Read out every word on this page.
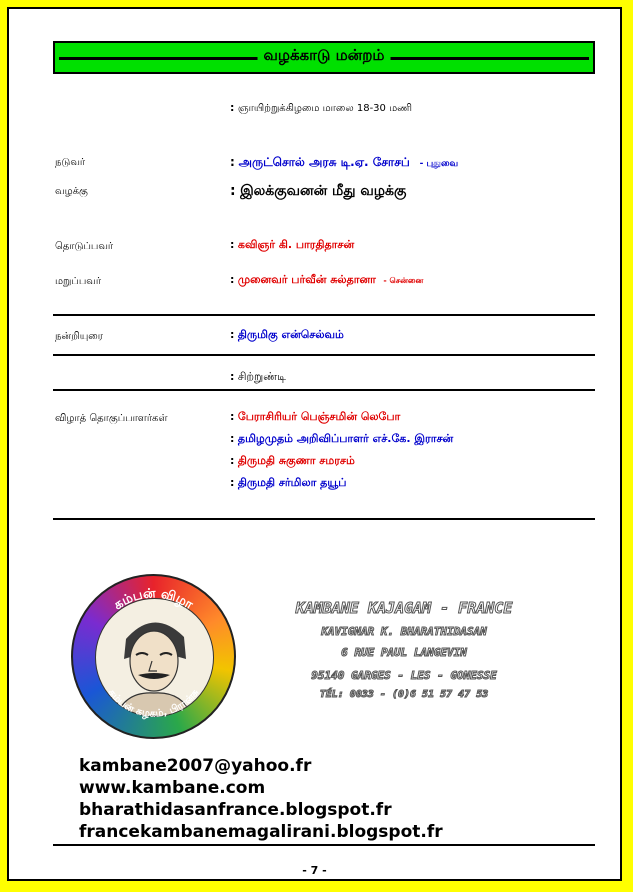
வழக்காடு மன்றம்
: ஞாயிற்றுக்கிழமை மாலை 18-30 மணி
நடுவர்	: அருட்சொல் அரசு டி.ஏ. சோசப் - புதுவை
வழக்கு	: இலக்குவனன் மீது வழக்கு
தொடுப்பவர்	: கவிஞர் கி. பாரதிதாசன்
மறுப்பவர்	: முனைவர் பர்வீன் சுல்தானா - சென்னை
நன்றியுரை	: திருமிகு என்செல்வம்
: சிற்றுண்டி
விழாத் தொகுப்பாளர்கள்	: பேராசிரியர் பெஞ்சமின் லெபோ
: தமிழமுதம் அறிவிப்பாளர் எச்.கே. இராசன்
: திருமதி சுகுணா சமரசம்
: திருமதி சர்மிலா தயூப்
கம்பன் விழா
கம்பன் கழகம், பிரான்சு
KAMBANE KAJAGAM - FRANCE
KAVIGNAR K. BHARATHIDASAN
6 RUE PAUL LANGEVIN
95140 GARGES - LES - GONESSE
TÉL: 0033 - (0)6 51 57 47 53
kambane2007@yahoo.fr
www.kambane.com
bharathidasanfrance.blogspot.fr
francekambanemagalirani.blogspot.fr
- 7 -
